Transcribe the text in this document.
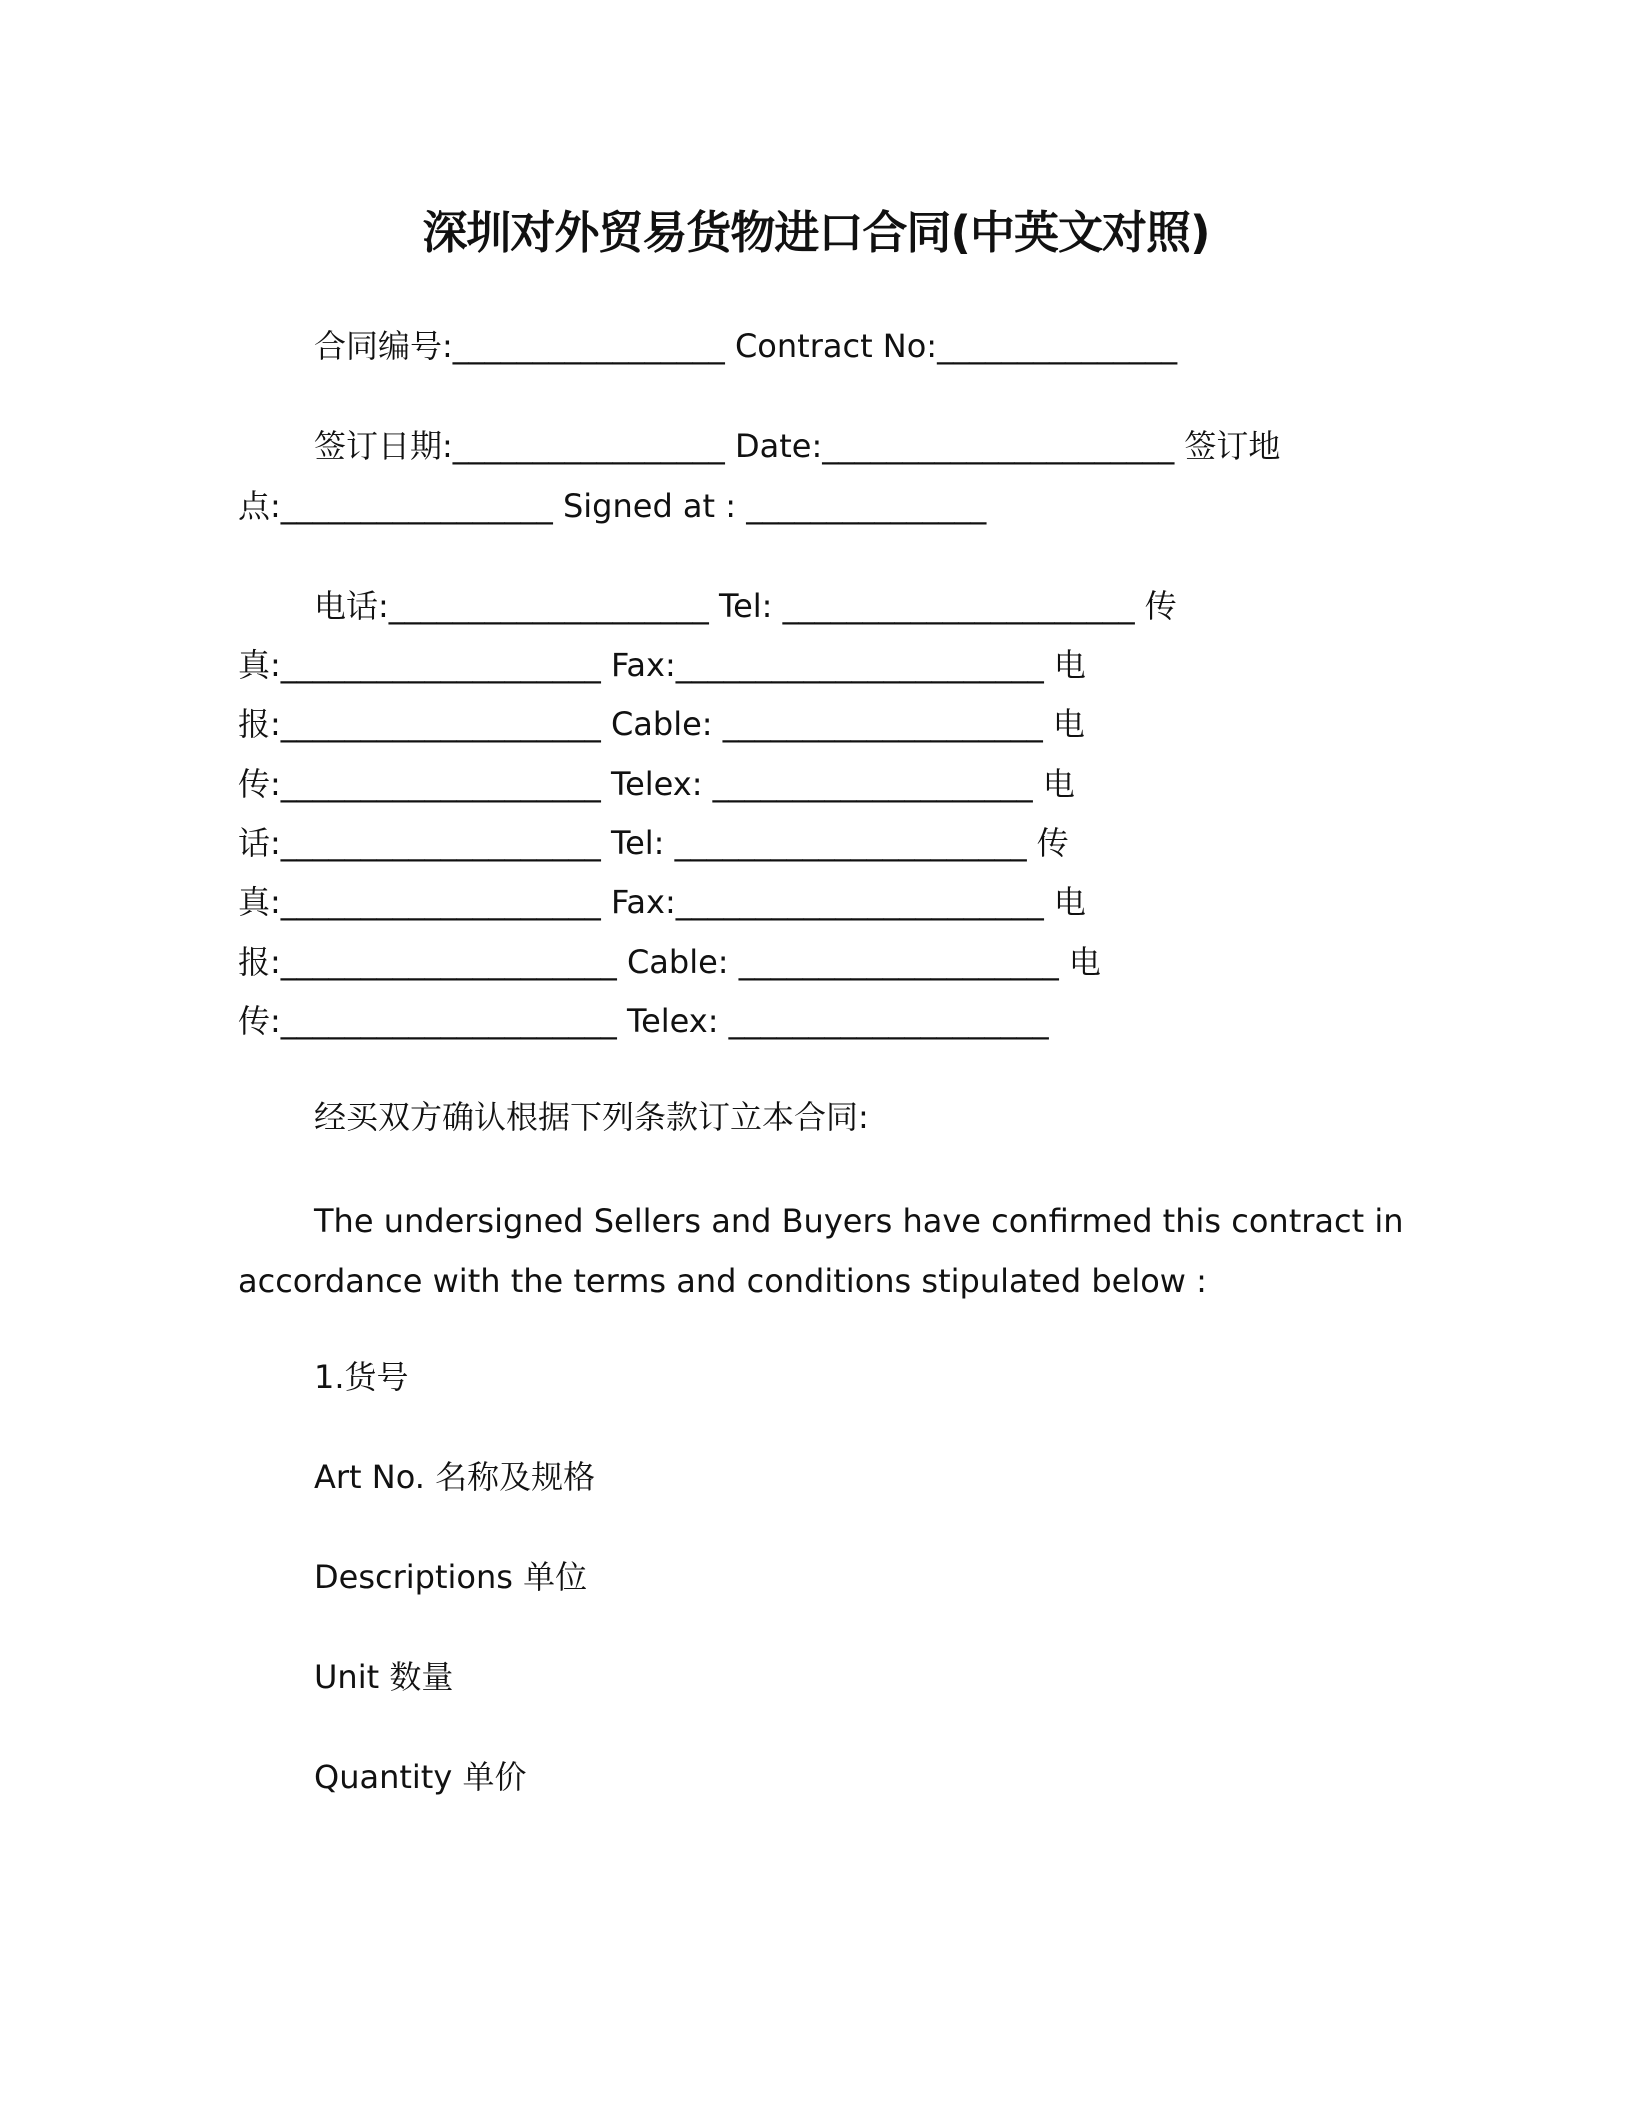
深圳对外贸易货物进口合同(中英文对照)
合同编号:_________________ Contract No:_______________
签订日期:_________________ Date:______________________ 签订地
点:_________________ Signed at : _______________
电话:____________________ Tel: ______________________ 传
真:____________________ Fax:_______________________ 电
报:____________________ Cable: ____________________ 电
传:____________________ Telex: ____________________ 电
话:____________________ Tel: ______________________ 传
真:____________________ Fax:_______________________ 电
报:_____________________ Cable: ____________________ 电
传:_____________________ Telex: ____________________
经买双方确认根据下列条款订立本合同:
The undersigned Sellers and Buyers have confirmed this contract in
accordance with the terms and conditions stipulated below :
1.货号
Art No. 名称及规格
Descriptions 单位
Unit 数量
Quantity 单价
